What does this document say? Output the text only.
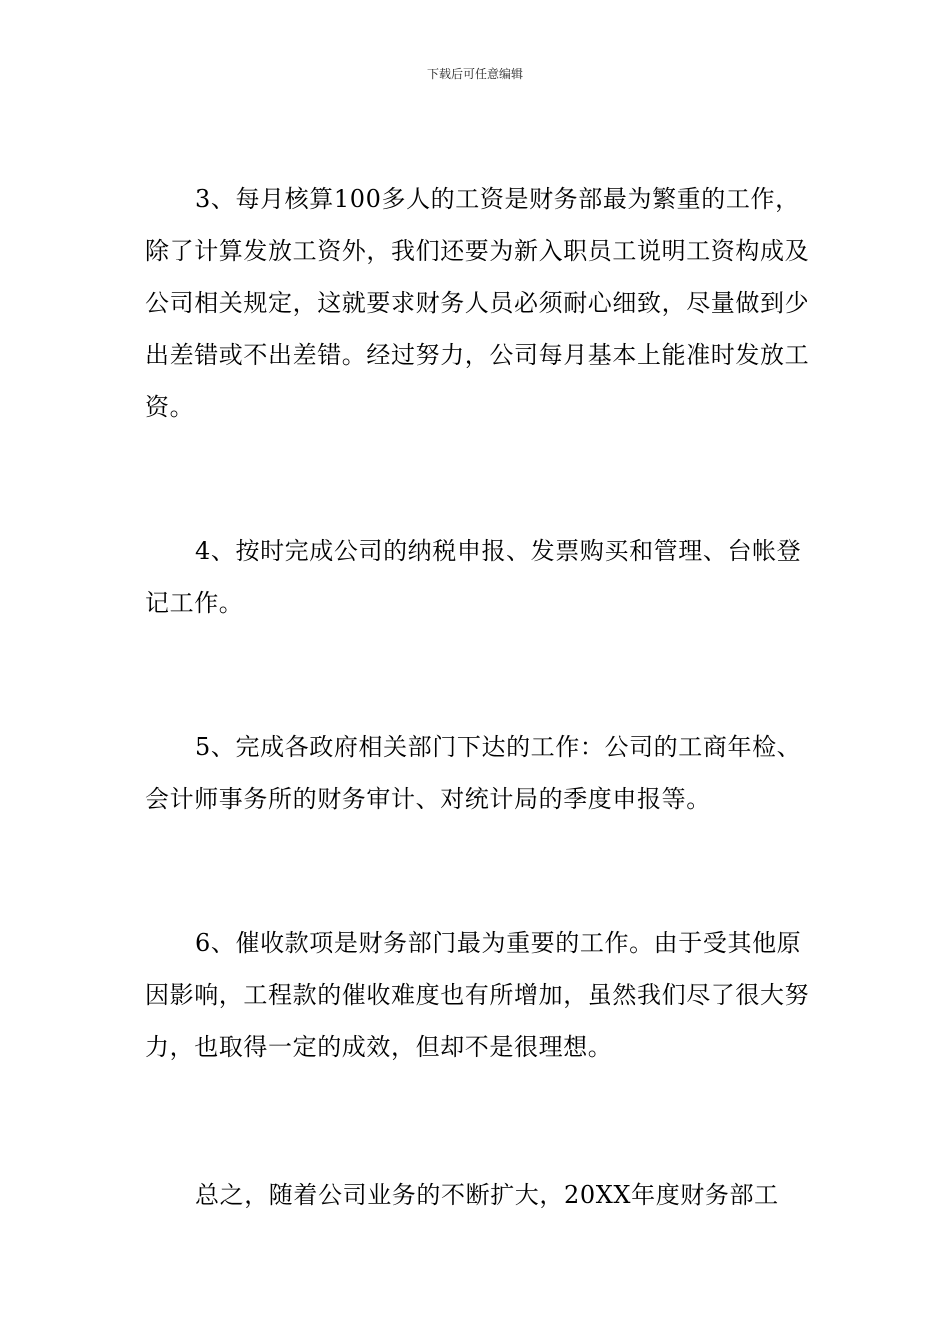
下载后可任意编辑

3、每月核算100多人的工资是财务部最为繁重的工作，除了计算发放工资外，我们还要为新入职员工说明工资构成及公司相关规定，这就要求财务人员必须耐心细致，尽量做到少出差错或不出差错。经过努力，公司每月基本上能准时发放工资。

4、按时完成公司的纳税申报、发票购买和管理、台帐登记工作。

5、完成各政府相关部门下达的工作：公司的工商年检、会计师事务所的财务审计、对统计局的季度申报等。

6、催收款项是财务部门最为重要的工作。由于受其他原因影响，工程款的催收难度也有所增加，虽然我们尽了很大努力，也取得一定的成效，但却不是很理想。

总之，随着公司业务的不断扩大，20XX年度财务部工
